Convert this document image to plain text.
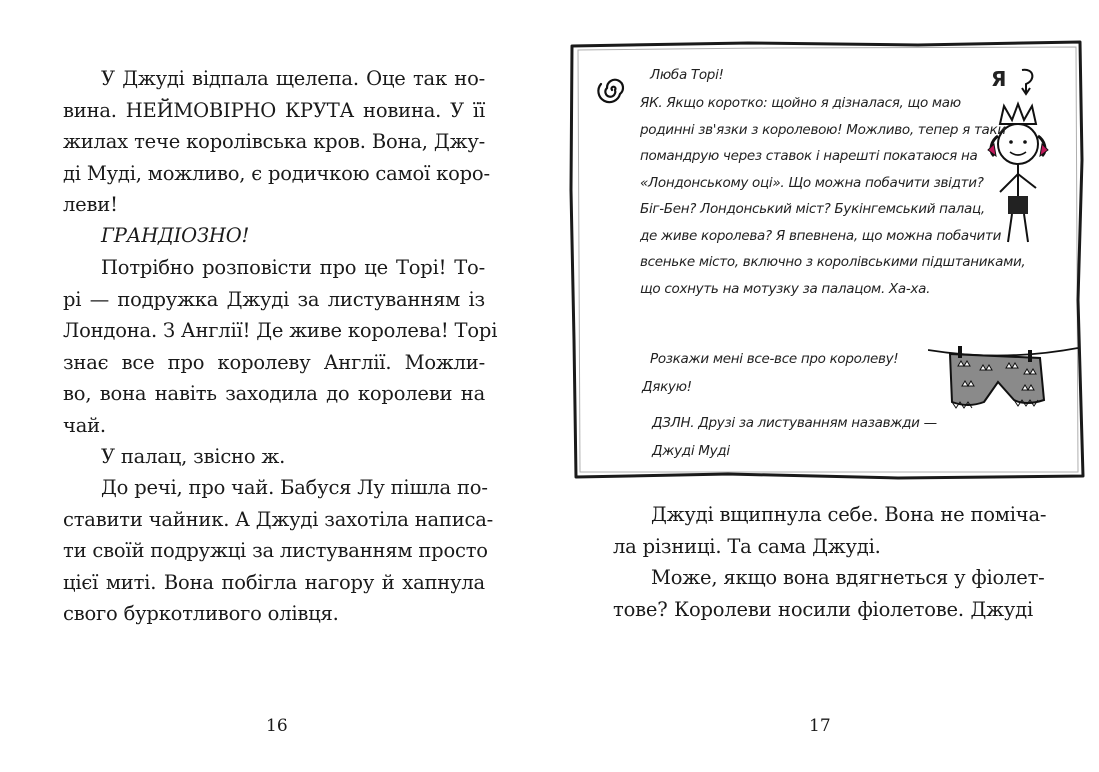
У Джуді відпала щелепа. Оце так но-
вина. НЕЙМОВІРНО КРУТА новина. У її
жилах тече королівська кров. Вона, Джу-
ді Муді, можливо, є родичкою самої коро-
леви!
ГРАНДІОЗНО!
Потрібно розповісти про це Торі! То-
рі — подружка Джуді за листуванням із
Лондона. З Англії! Де живе королева! Торі
знає все про королеву Англії. Можли-
во, вона навіть заходила до королеви на
чай.
У палац, звісно ж.
До речі, про чай. Бабуся Лу пішла по-
ставити чайник. А Джуді захотіла написа-
ти своїй подружці за листуванням просто
цієї миті. Вона побігла нагору й хапнула
свого буркотливого олівця.
16
Я
Люба Торі!
ЯК. Якщо коротко: щойно я дізналася, що маю
родинні зв'язки з королевою! Можливо, тепер я таки
помандрую через ставок і нарешті покатаюся на
«Лондонському оці». Що можна побачити звідти?
Біг-Бен? Лондонський міст? Букінгемський палац,
де живе королева? Я впевнена, що можна побачити
всеньке місто, включно з королівськими підштаниками,
що сохнуть на мотузку за палацом. Ха-ха.
Розкажи мені все-все про королеву!
Дякую!
ДЗЛН. Друзі за листуванням назавжди —
Джуді Муді
Джуді вщипнула себе. Вона не поміча-
ла різниці. Та сама Джуді.
Може, якщо вона вдягнеться у фіолет-
тове? Королеви носили фіолетове. Джуді
17
